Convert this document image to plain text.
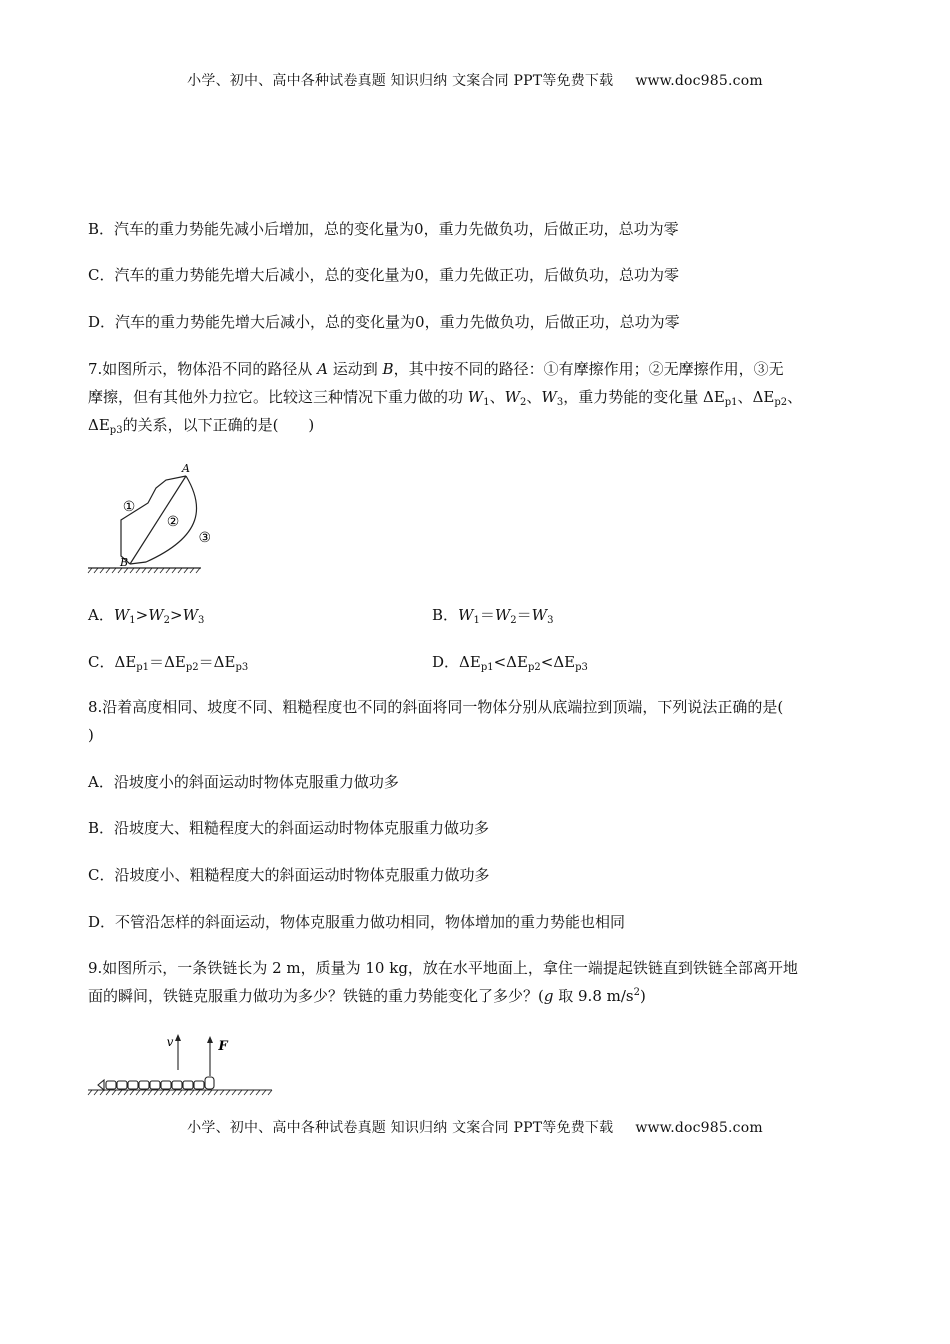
小学、初中、高中各种试卷真题 知识归纳 文案合同 PPT等免费下载 www.doc985.com
B．汽车的重力势能先减小后增加，总的变化量为0，重力先做负功，后做正功，总功为零
C．汽车的重力势能先增大后减小，总的变化量为0，重力先做正功，后做负功，总功为零
D．汽车的重力势能先增大后减小，总的变化量为0，重力先做负功，后做正功，总功为零
7.如图所示，物体沿不同的路径从 A 运动到 B，其中按不同的路径：①有摩擦作用；②无摩擦作用，③无
摩擦，但有其他外力拉它。比较这三种情况下重力做的功 $W_1$、$W_2$、$W_3$，重力势能的变化量 $\Delta E_{p1}$、$\Delta E_{p2}$、
$\Delta E_{p3}$的关系，以下正确的是(　　)
A
B
①
②
③
A．$W_1>W_2>W_3$	B．$W_1=W_2=W_3$
C．$\Delta E_{p1}=\Delta E_{p2}=\Delta E_{p3}$	D．$\Delta E_{p1}<\Delta E_{p2}<\Delta E_{p3}$
8.沿着高度相同、坡度不同、粗糙程度也不同的斜面将同一物体分别从底端拉到顶端，下列说法正确的是(
)
A．沿坡度小的斜面运动时物体克服重力做功多
B．沿坡度大、粗糙程度大的斜面运动时物体克服重力做功多
C．沿坡度小、粗糙程度大的斜面运动时物体克服重力做功多
D．不管沿怎样的斜面运动，物体克服重力做功相同，物体增加的重力势能也相同
9.如图所示，一条铁链长为 2 m，质量为 10 kg，放在水平地面上，拿住一端提起铁链直到铁链全部离开地
面的瞬间，铁链克服重力做功为多少？铁链的重力势能变化了多少？(g 取 9.8 $m/s^2$)
v	F
小学、初中、高中各种试卷真题 知识归纳 文案合同 PPT等免费下载 www.doc985.com
